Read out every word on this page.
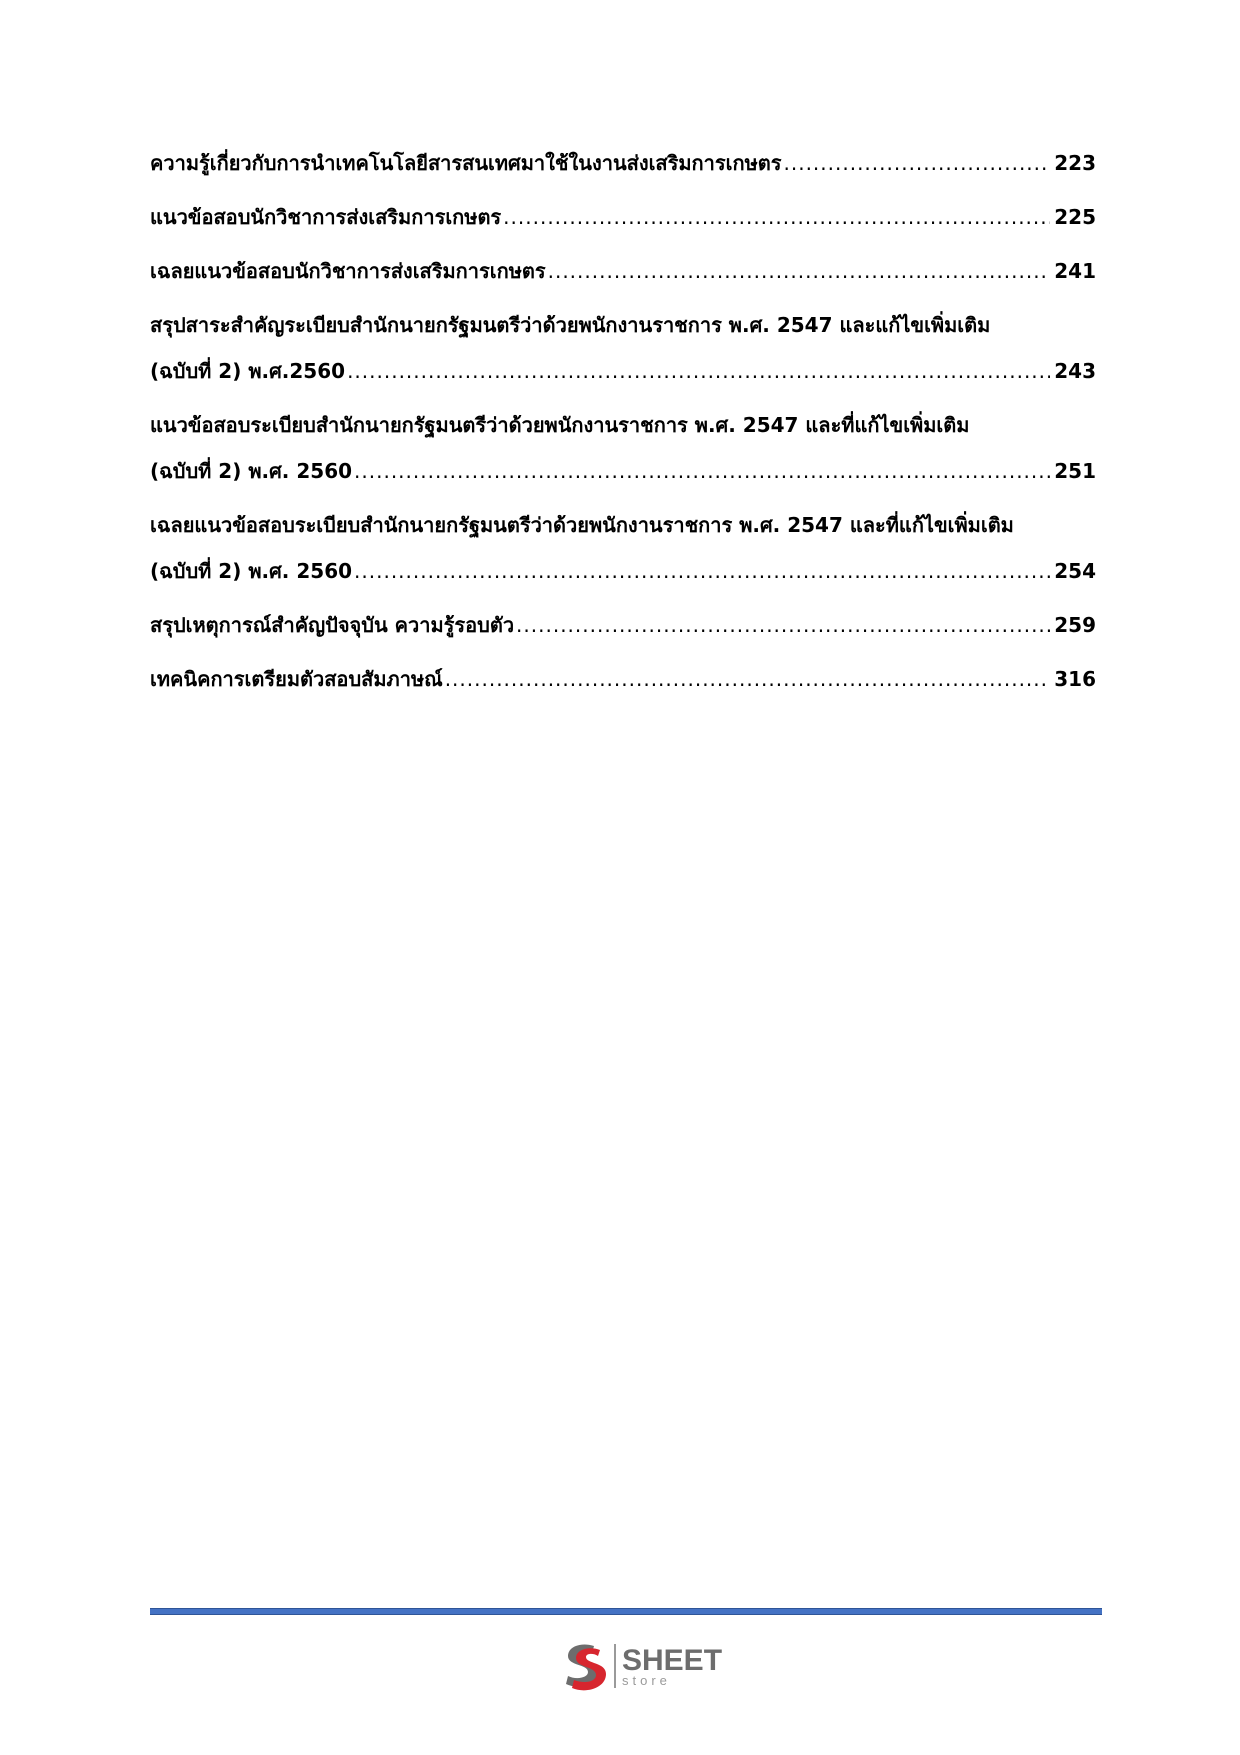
ความรู้เกี่ยวกับการนำเทคโนโลยีสารสนเทศมาใช้ในงานส่งเสริมการเกษตร .....	223
แนวข้อสอบนักวิชาการส่งเสริมการเกษตร .....	225
เฉลยแนวข้อสอบนักวิชาการส่งเสริมการเกษตร .....	241
สรุปสาระสำคัญระเบียบสำนักนายกรัฐมนตรีว่าด้วยพนักงานราชการ พ.ศ. 2547 และแก้ไขเพิ่มเติม
(ฉบับที่ 2) พ.ศ.2560 .....	243
แนวข้อสอบระเบียบสำนักนายกรัฐมนตรีว่าด้วยพนักงานราชการ พ.ศ. 2547 และที่แก้ไขเพิ่มเติม
(ฉบับที่ 2) พ.ศ. 2560 .....	251
เฉลยแนวข้อสอบระเบียบสำนักนายกรัฐมนตรีว่าด้วยพนักงานราชการ พ.ศ. 2547 และที่แก้ไขเพิ่มเติม
(ฉบับที่ 2) พ.ศ. 2560 .....	254
สรุปเหตุการณ์สำคัญปัจจุบัน ความรู้รอบตัว .....	259
เทคนิคการเตรียมตัวสอบสัมภาษณ์ .....	316
SHEET
store
